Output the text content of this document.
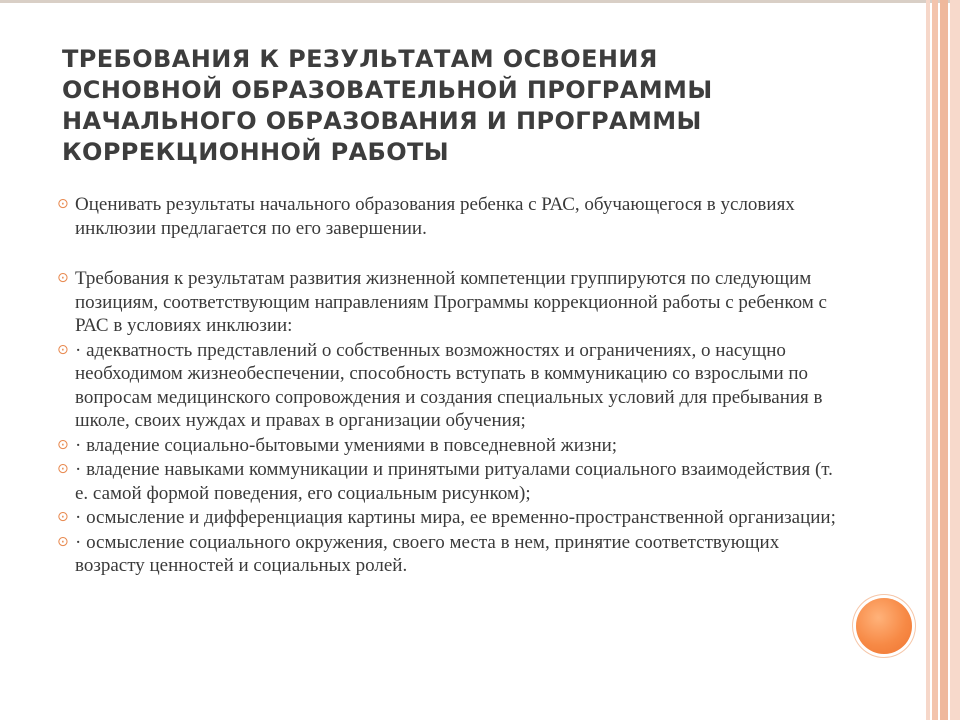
ТРЕБОВАНИЯ К РЕЗУЛЬТАТАМ ОСВОЕНИЯ ОСНОВНОЙ ОБРАЗОВАТЕЛЬНОЙ ПРОГРАММЫ НАЧАЛЬНОГО ОБРАЗОВАНИЯ И ПРОГРАММЫ КОРРЕКЦИОННОЙ РАБОТЫ

⊙ Оценивать результаты начального образования ребенка с РАС, обучающегося в условиях инклюзии предлагается по его завершении.

⊙ Требования к результатам развития жизненной компетенции группируются по следующим позициям, соответствующим направлениям Программы коррекционной работы с ребенком с РАС в условиях инклюзии:

⊙ · адекватность представлений о собственных возможностях и ограничениях, о насущно необходимом жизнеобеспечении, способность вступать в коммуникацию со взрослыми по вопросам медицинского сопровождения и создания специальных условий для пребывания в школе, своих нуждах и правах в организации обучения;

⊙ · владение социально-бытовыми умениями в повседневной жизни;

⊙ · владение навыками коммуникации и принятыми ритуалами социального взаимодействия (т. е. самой формой поведения, его социальным рисунком);

⊙ · осмысление и дифференциация картины мира, ее временно-пространственной организации;

⊙ · осмысление социального окружения, своего места в нем, принятие соответствующих возрасту ценностей и социальных ролей.
